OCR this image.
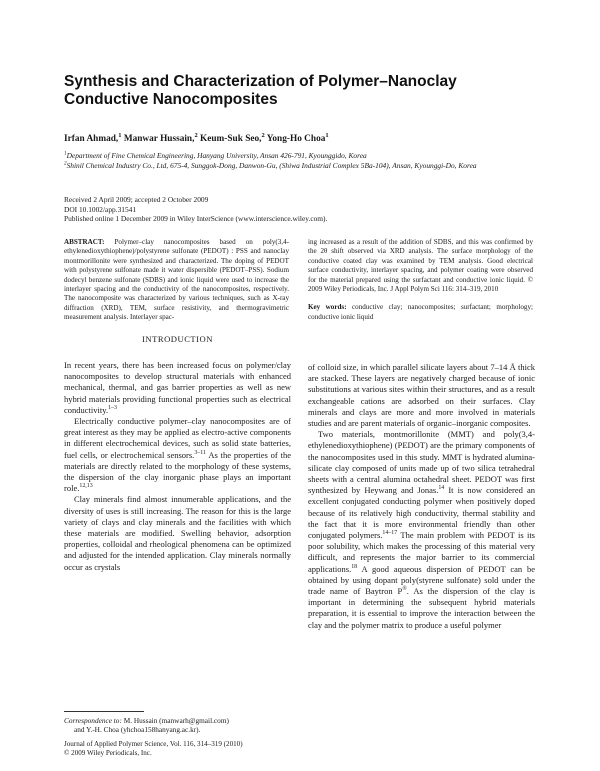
Synthesis and Characterization of Polymer–Nanoclay Conductive Nanocomposites
Irfan Ahmad,$^1$ Manwar Hussain,$^2$ Keum-Suk Seo,$^2$ Yong-Ho Choa$^1$

$^1$Department of Fine Chemical Engineering, Hanyang University, Ansan 426-791, Kyounggido, Korea

$^2$Shinil Chemical Industry Co., Ltd, 675-4, Sunggok-Dong, Danwon-Gu, (Shiwa Industrial Complex 5Ba-104), Ansan, Kyounggi-Do, Korea

Received 2 April 2009; accepted 2 October 2009

DOI 10.1002/app.31541

Published online 1 December 2009 in Wiley InterScience (www.interscience.wiley.com).

ABSTRACT: Polymer–clay nanocomposites based on poly(3,4-ethylenedioxythiophene)/polystyrene sulfonate (PEDOT) : PSS and nanoclay montmorillonite were synthesized and characterized. The doping of PEDOT with polystyrene sulfonate made it water dispersible (PEDOT–PSS). Sodium dodecyl benzene sulfonate (SDBS) and ionic liquid were used to increase the interlayer spacing and the conductivity of the nanocomposites, respectively. The nanocomposite was characterized by various techniques, such as X-ray diffraction (XRD), TEM, surface resistivity, and thermogravimetric measurement analysis. Interlayer spac-

ing increased as a result of the addition of SDBS, and this was confirmed by the 2θ shift observed via XRD analysis. The surface morphology of the conductive coated clay was examined by TEM analysis. Good electrical surface conductivity, interlayer spacing, and polymer coating were observed for the material prepared using the surfactant and conductive ionic liquid. © 2009 Wiley Periodicals, Inc. J Appl Polym Sci 116: 314–319, 2010

Key words: conductive clay; nanocomposites; surfactant; morphology; conductive ionic liquid

INTRODUCTION

In recent years, there has been increased focus on polymer/clay nanocomposites to develop structural materials with enhanced mechanical, thermal, and gas barrier properties as well as new hybrid materials providing functional properties such as electrical conductivity.$^{1-3}$

Electrically conductive polymer–clay nanocomposites are of great interest as they may be applied as electro-active components in different electrochemical devices, such as solid state batteries, fuel cells, or electrochemical sensors.$^{3-11}$ As the properties of the materials are directly related to the morphology of these systems, the dispersion of the clay inorganic phase plays an important role.$^{12,13}$

Clay minerals find almost innumerable applications, and the diversity of uses is still increasing. The reason for this is the large variety of clays and clay minerals and the facilities with which these materials are modified. Swelling behavior, adsorption properties, colloidal and rheological phenomena can be optimized and adjusted for the intended application. Clay minerals normally occur as crystals

of colloid size, in which parallel silicate layers about 7–14 Å thick are stacked. These layers are negatively charged because of ionic substitutions at various sites within their structures, and as a result exchangeable cations are adsorbed on their surfaces. Clay minerals and clays are more and more involved in materials studies and are parent materials of organic–inorganic composites.

Two materials, montmorillonite (MMT) and poly(3,4-ethylenedioxythiophene) (PEDOT) are the primary components of the nanocomposites used in this study. MMT is hydrated alumina-silicate clay composed of units made up of two silica tetrahedral sheets with a central alumina octahedral sheet. PEDOT was first synthesized by Heywang and Jonas.$^{14}$ It is now considered an excellent conjugated conducting polymer when positively doped because of its relatively high conductivity, thermal stability and the fact that it is more environmental friendly than other conjugated polymers.$^{14-17}$ The main problem with PEDOT is its poor solubility, which makes the processing of this material very difficult, and represents the major barrier to its commercial applications.$^{18}$ A good aqueous dispersion of PEDOT can be obtained by using dopant poly(styrene sulfonate) sold under the trade name of Baytron P®. As the dispersion of the clay is important in determining the subsequent hybrid materials preparation, it is essential to improve the interaction between the clay and the polymer matrix to produce a useful polymer

Correspondence to: M. Hussain (manwarh@gmail.com)

and Y.-H. Choa (yhchoa158hanyang.ac.kr).

Journal of Applied Polymer Science, Vol. 116, 314–319 (2010)

© 2009 Wiley Periodicals, Inc.
